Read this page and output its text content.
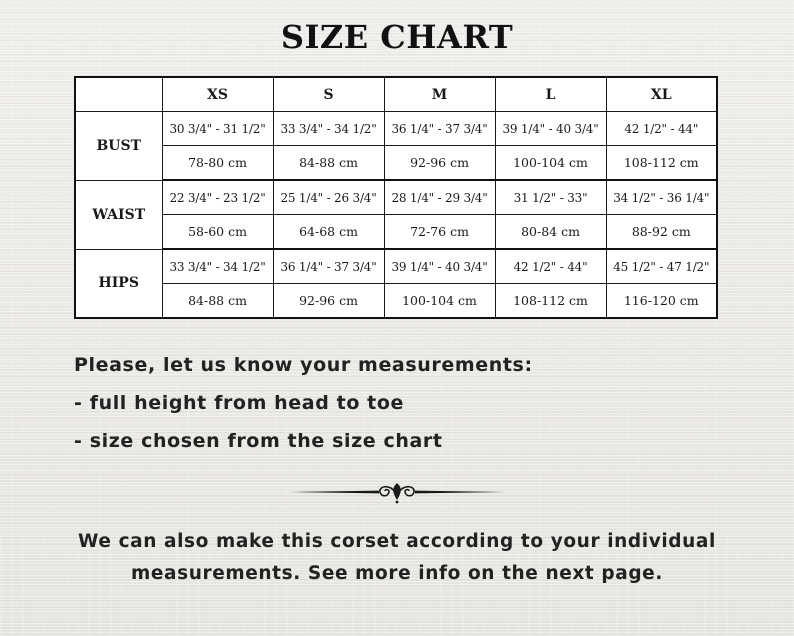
SIZE CHART
	XS	S	M	L	XL
BUST	30 3/4" - 31 1/2"	33 3/4" - 34 1/2"	36 1/4" - 37 3/4"	39 1/4" - 40 3/4"	42 1/2" - 44"
	78-80 cm	84-88 cm	92-96 cm	100-104 cm	108-112 cm
WAIST	22 3/4" - 23 1/2"	25 1/4" - 26 3/4"	28 1/4" - 29 3/4"	31 1/2" - 33"	34 1/2" - 36 1/4"
	58-60 cm	64-68 cm	72-76 cm	80-84 cm	88-92 cm
HIPS	33 3/4" - 34 1/2"	36 1/4" - 37 3/4"	39 1/4" - 40 3/4"	42 1/2" - 44"	45 1/2" - 47 1/2"
	84-88 cm	92-96 cm	100-104 cm	108-112 cm	116-120 cm
Please, let us know your measurements:
- full height from head to toe
- size chosen from the size chart
We can also make this corset according to your individual
measurements. See more info on the next page.
